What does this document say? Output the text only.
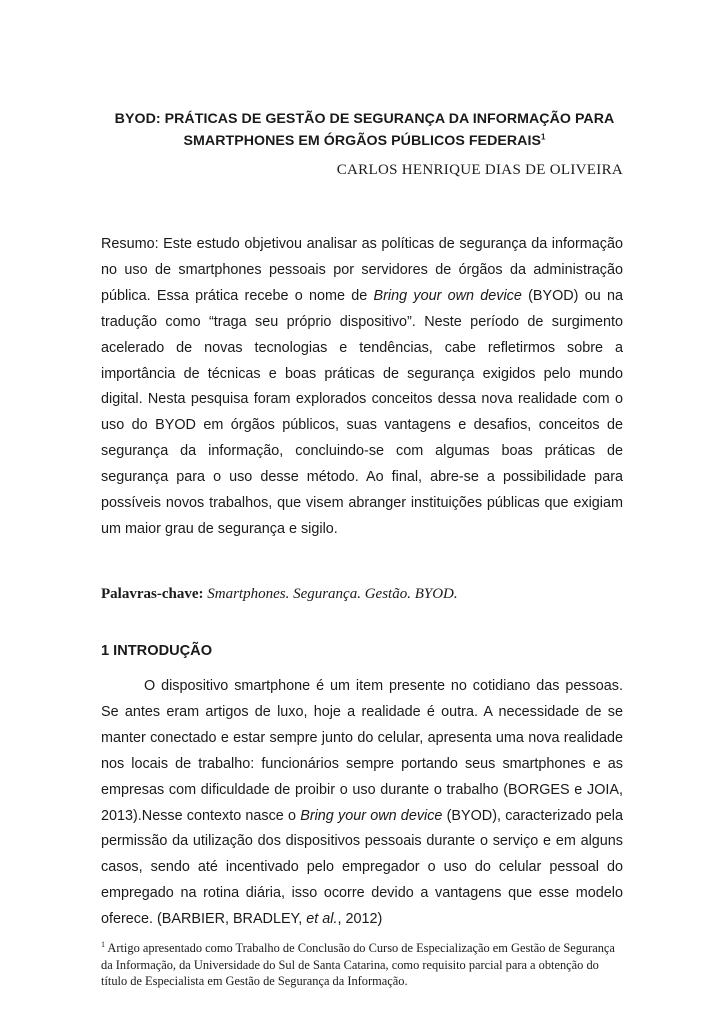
BYOD: PRÁTICAS DE GESTÃO DE SEGURANÇA DA INFORMAÇÃO PARA
SMARTPHONES EM ÓRGÃOS PÚBLICOS FEDERAIS$^1$
CARLOS HENRIQUE DIAS DE OLIVEIRA
Resumo: Este estudo objetivou analisar as políticas de segurança da informação no uso de smartphones pessoais por servidores de órgãos da administração pública. Essa prática recebe o nome de Bring your own device (BYOD) ou na tradução como “traga seu próprio dispositivo”. Neste período de surgimento acelerado de novas tecnologias e tendências, cabe refletirmos sobre a importância de técnicas e boas práticas de segurança exigidos pelo mundo digital. Nesta pesquisa foram explorados conceitos dessa nova realidade com o uso do BYOD em órgãos públicos, suas vantagens e desafios, conceitos de segurança da informação, concluindo-se com algumas boas práticas de segurança para o uso desse método. Ao final, abre-se a possibilidade para possíveis novos trabalhos, que visem abranger instituições públicas que exigiam um maior grau de segurança e sigilo.
Palavras-chave: Smartphones. Segurança. Gestão. BYOD.
1 INTRODUÇÃO
O dispositivo smartphone é um item presente no cotidiano das pessoas. Se antes eram artigos de luxo, hoje a realidade é outra. A necessidade de se manter conectado e estar sempre junto do celular, apresenta uma nova realidade nos locais de trabalho: funcionários sempre portando seus smartphones e as empresas com dificuldade de proibir o uso durante o trabalho (BORGES e JOIA, 2013).Nesse contexto nasce o Bring your own device (BYOD), caracterizado pela permissão da utilização dos dispositivos pessoais durante o serviço e em alguns casos, sendo até incentivado pelo empregador o uso do celular pessoal do empregado na rotina diária, isso ocorre devido a vantagens que esse modelo oferece. (BARBIER, BRADLEY, et al., 2012)
$^1$ Artigo apresentado como Trabalho de Conclusão do Curso de Especialização em Gestão de Segurança da Informação, da Universidade do Sul de Santa Catarina, como requisito parcial para a obtenção do título de Especialista em Gestão de Segurança da Informação.
